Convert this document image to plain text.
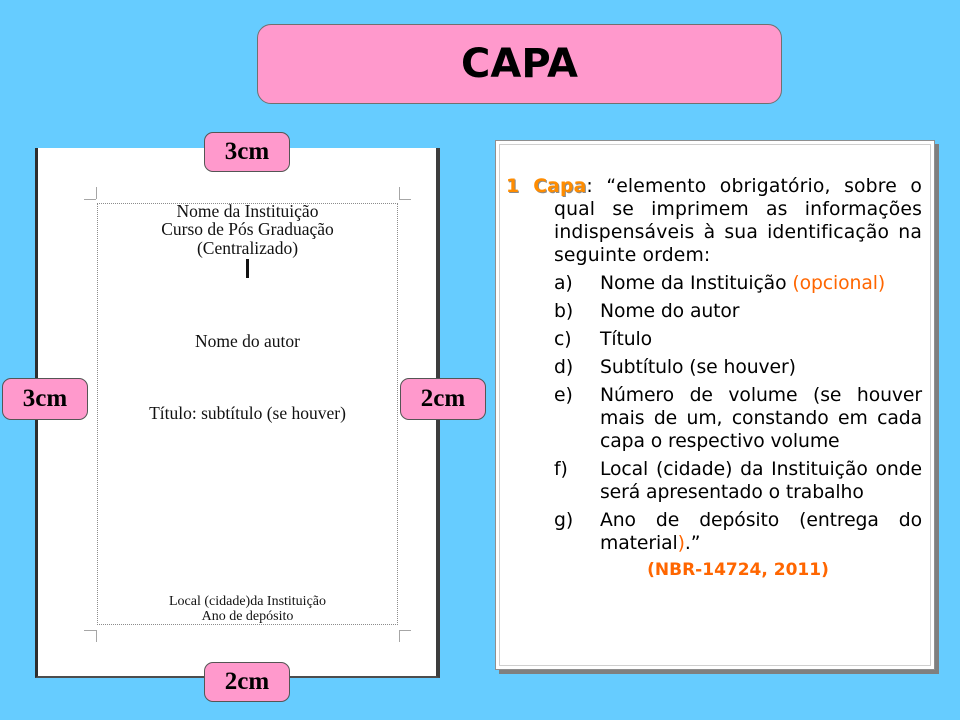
CAPA
Nome da Instituição
Curso de Pós Graduação
(Centralizado)
Nome do autor
Título: subtítulo (se houver)
Local (cidade)da Instituição
Ano de depósito
3cm
3cm	2cm
2cm

1 Capa: “elemento obrigatório, sobre o qual se imprimem as informações indispensáveis à sua identificação na seguinte ordem:

a)	Nome da Instituição (opcional)
b)	Nome do autor
c)	Título
d)	Subtítulo (se houver)
e)	Número de volume (se houver mais de um, constando em cada capa o respectivo volume
f)	Local (cidade) da Instituição onde será apresentado o trabalho
g)	Ano de depósito (entrega do material).”
(NBR-14724, 2011)
